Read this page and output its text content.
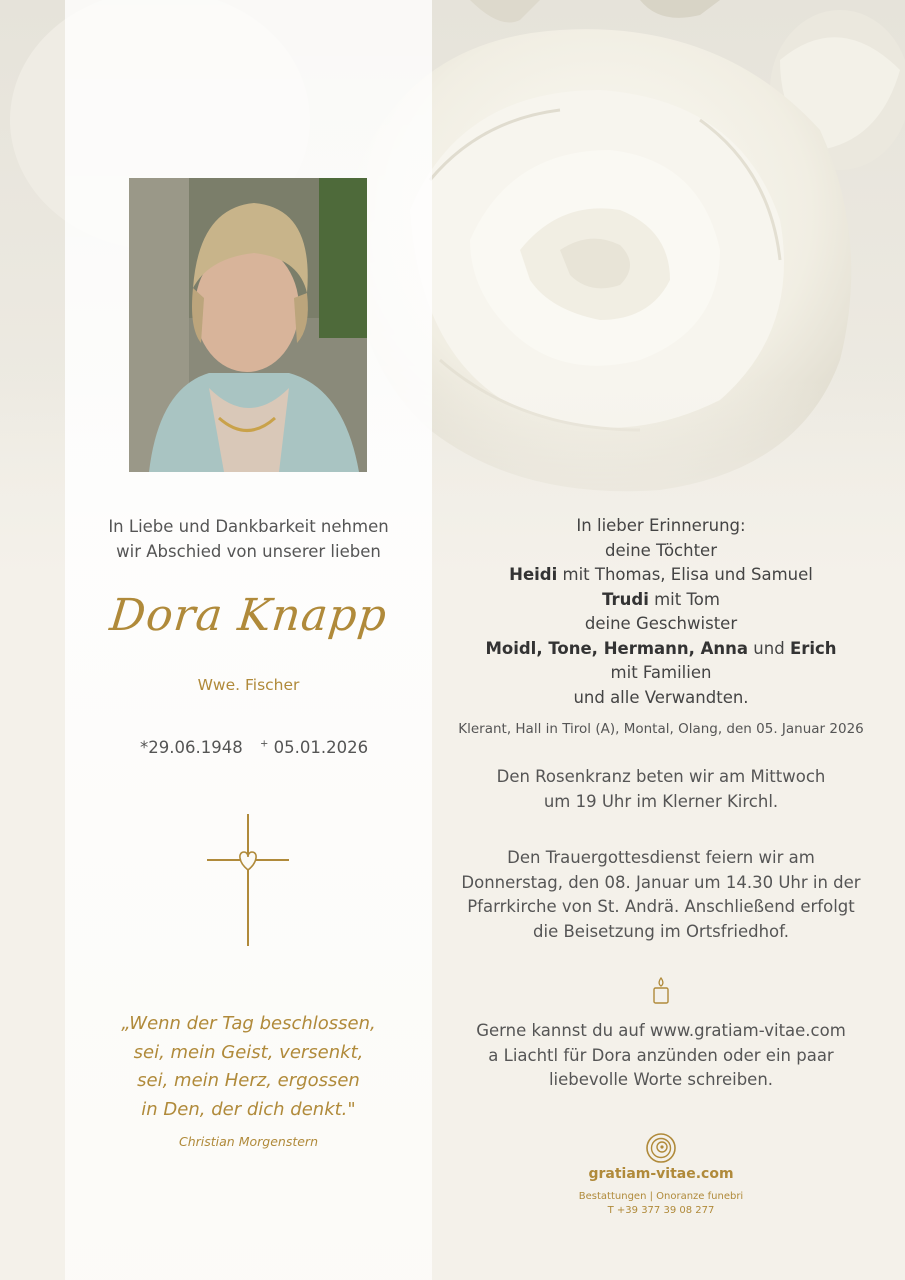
In Liebe und Dankbarkeit nehmen
wir Abschied von unserer lieben
Dora Knapp
Wwe. Fischer
*29.06.1948 + 05.01.2026
„Wenn der Tag beschlossen,
sei, mein Geist, versenkt,
sei, mein Herz, ergossen
in Den, der dich denkt."
Christian Morgenstern
In lieber Erinnerung:
deine Töchter
Heidi mit Thomas, Elisa und Samuel
Trudi mit Tom
deine Geschwister
Moidl, Tone, Hermann, Anna und Erich
mit Familien
und alle Verwandten.
Klerant, Hall in Tirol (A), Montal, Olang, den 05. Januar 2026
Den Rosenkranz beten wir am Mittwoch
um 19 Uhr im Klerner Kirchl.
Den Trauergottesdienst feiern wir am
Donnerstag, den 08. Januar um 14.30 Uhr in der
Pfarrkirche von St. Andrä. Anschließend erfolgt
die Beisetzung im Ortsfriedhof.
Gerne kannst du auf www.gratiam-vitae.com
a Liachtl für Dora anzünden oder ein paar
liebevolle Worte schreiben.
gratiam-vitae.com
Bestattungen | Onoranze funebri
T +39 377 39 08 277
